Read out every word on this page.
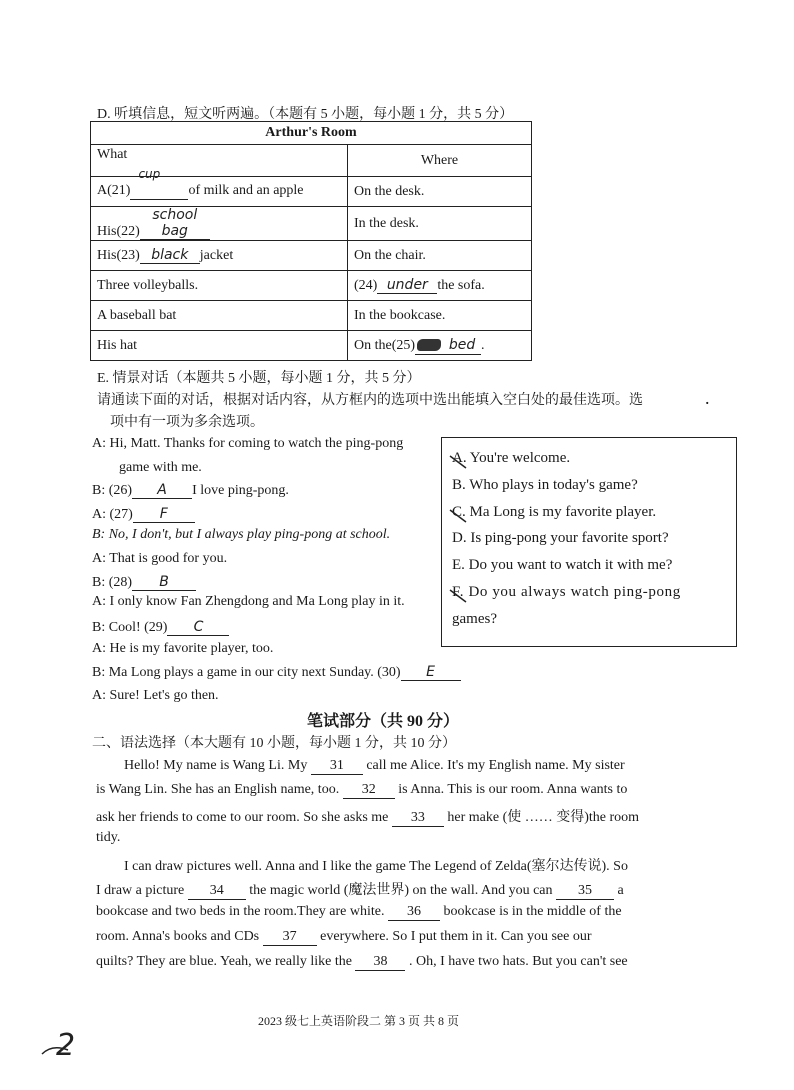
D. 听填信息，短文听两遍。（本题有 5 小题，每小题 1 分，共 5 分）
Arthur's Room	
What	Where
A(21)
cup
of milk and an apple	On the desk.
His(22)school bag	In the desk.
His(23) black jacket	On the chair.
Three volleyballs.	(24) under the sofa.
A baseball bat	In the bookcase.
His hat	On the(25) bed .
E. 情景对话（本题共 5 小题，每小题 1 分，共 5 分）
请通读下面的对话，根据对话内容，从方框内的选项中选出能填入空白处的最佳选项。选	.
项中有一项为多余选项。
A: Hi, Matt. Thanks for coming to watch the ping-pong
game with me.
B: (26) A I love ping-pong.
A: (27) F
B: No, I don't, but I always play ping-pong at school.
A: That is good for you.
B: (28) B
A: I only know Fan Zhengdong and Ma Long play in it.
B: Cool! (29) C
A: He is my favorite player, too.
B: Ma Long plays a game in our city next Sunday. (30) E
A: Sure! Let's go then.
A. You're welcome.
B. Who plays in today's game?
C. Ma Long is my favorite player.
D. Is ping-pong your favorite sport?
E. Do you want to watch it with me?
F. Do you always watch ping-pong
games?
笔试部分（共 90 分）
二、语法选择（本大题有 10 小题，每小题 1 分，共 10 分）
Hello! My name is Wang Li. My 31 call me Alice. It's my English name. My sister
is Wang Lin. She has an English name, too. 32 is Anna. This is our room. Anna wants to
ask her friends to come to our room. So she asks me 33 her make (使 …… 变得)the room
tidy.
I can draw pictures well. Anna and I like the game The Legend of Zelda(塞尔达传说). So
I draw a picture 34 the magic world (魔法世界) on the wall. And you can 35 a
bookcase and two beds in the room.They are white. 36 bookcase is in the middle of the
room. Anna's books and CDs 37 everywhere. So I put them in it. Can you see our
quilts? They are blue. Yeah, we really like the 38 . Oh, I have two hats. But you can't see
2023 级七上英语阶段二 第 3 页 共 8 页
2
